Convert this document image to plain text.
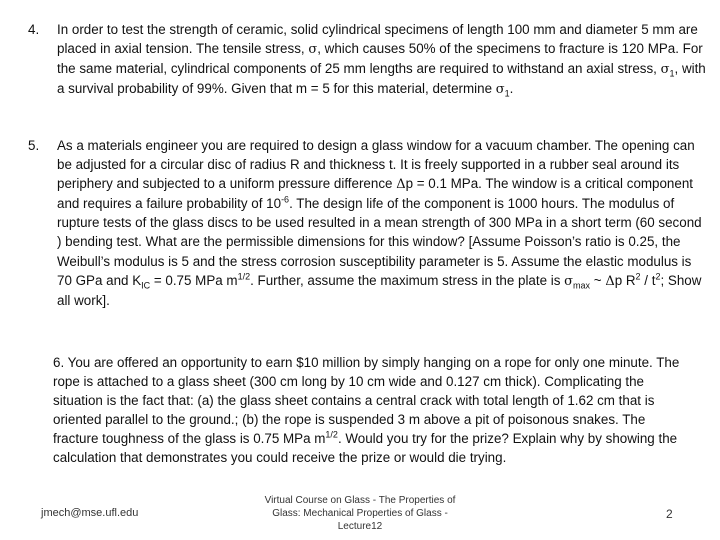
4. In order to test the strength of ceramic, solid cylindrical specimens of length 100 mm and diameter 5 mm are placed in axial tension. The tensile stress, σ, which causes 50% of the specimens to fracture is 120 MPa. For the same material, cylindrical components of 25 mm lengths are required to withstand an axial stress, $\sigma_1$, with a survival probability of 99%. Given that m = 5 for this material, determine $\sigma_1$.

5. As a materials engineer you are required to design a glass window for a vacuum chamber. The opening can be adjusted for a circular disc of radius R and thickness t. It is freely supported in a rubber seal around its periphery and subjected to a uniform pressure difference Δp = 0.1 MPa. The window is a critical component and requires a failure probability of $10^{-6}$. The design life of the component is 1000 hours. The modulus of rupture tests of the glass discs to be used resulted in a mean strength of 300 MPa in a short term (60 second ) bending test. What are the permissible dimensions for this window? [Assume Poisson’s ratio is 0.25, the Weibull’s modulus is 5 and the stress corrosion susceptibility parameter is 5. Assume the elastic modulus is 70 GPa and $K_{IC} = 0.75$ MPa $m^{1/2}$. Further, assume the maximum stress in the plate is $\sigma_{max}$ ~ Δp $R^2 / t^2$; Show all work].

6. You are offered an opportunity to earn $10 million by simply hanging on a rope for only one minute. The rope is attached to a glass sheet (300 cm long by 10 cm wide and 0.127 cm thick). Complicating the situation is the fact that: (a) the glass sheet contains a central crack with total length of 1.62 cm that is oriented parallel to the ground.; (b) the rope is suspended 3 m above a pit of poisonous snakes. The fracture toughness of the glass is 0.75 MPa $m^{1/2}$. Would you try for the prize? Explain why by showing the calculation that demonstrates you could receive the prize or would die trying.

jmech@mse.ufl.edu
Virtual Course on Glass - The Properties of
Glass: Mechanical Properties of Glass -
Lecture12
2
